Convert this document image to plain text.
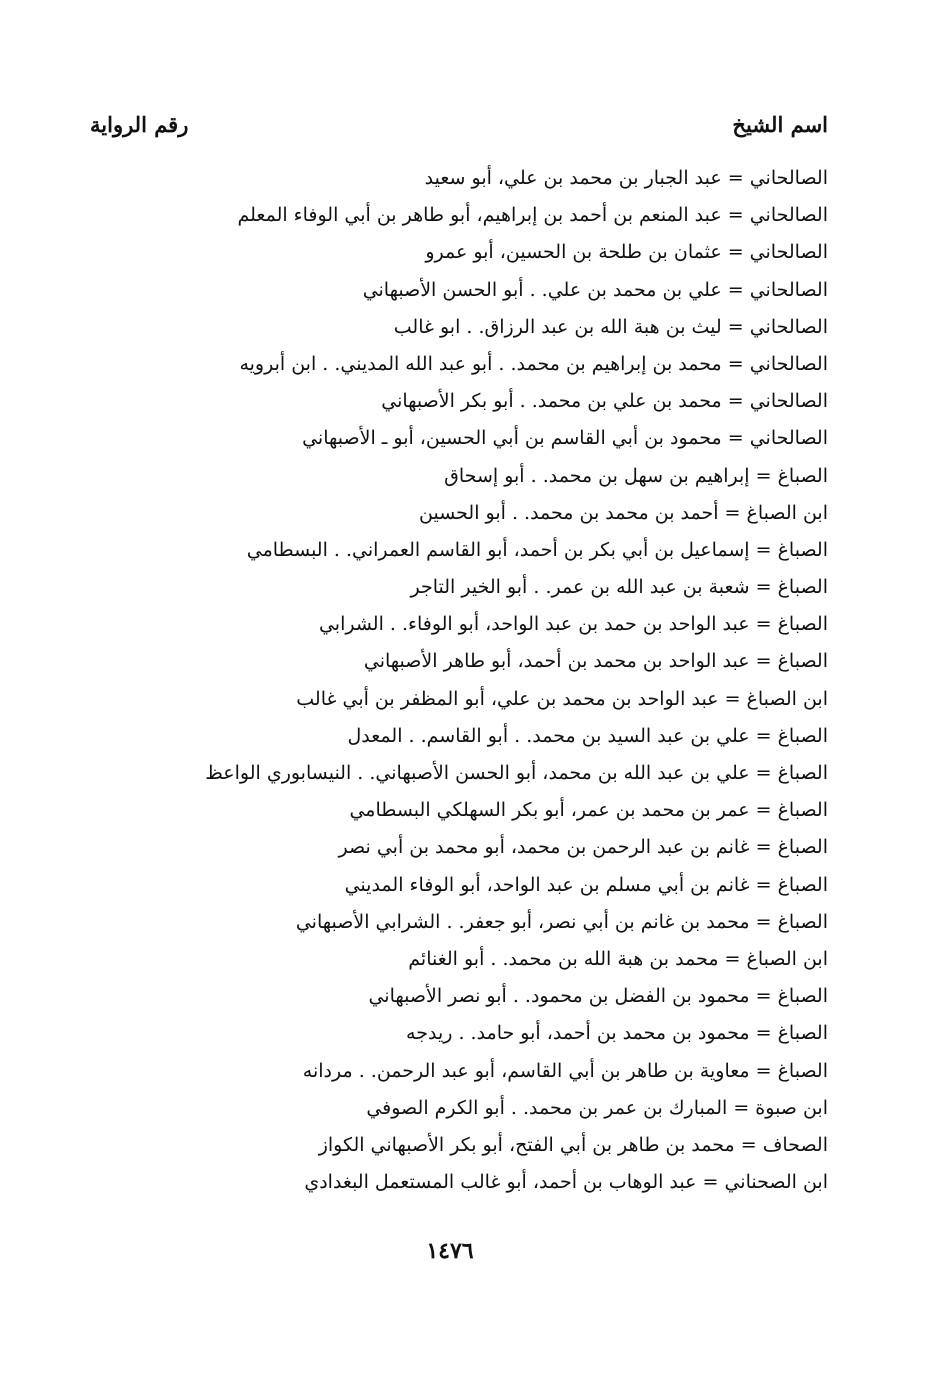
اسم الشيخ
رقم الرواية
الصالحاني = عبد الجبار بن محمد بن علي، أبو سعيد
الصالحاني = عبد المنعم بن أحمد بن إبراهيم، أبو طاهر بن أبي الوفاء المعلم
الصالحاني = عثمان بن طلحة بن الحسين، أبو عمرو
الصالحاني = علي بن محمد بن علي. . أبو الحسن الأصبهاني
الصالحاني = ليث بن هبة الله بن عبد الرزاق. . ابو غالب
الصالحاني = محمد بن إبراهيم بن محمد. . أبو عبد الله المديني. . ابن أبرويه
الصالحاني = محمد بن علي بن محمد. . أبو بكر الأصبهاني
الصالحاني = محمود بن أبي القاسم بن أبي الحسين، أبو ـ الأصبهاني
الصباغ = إبراهيم بن سهل بن محمد. . أبو إسحاق
ابن الصباغ = أحمد بن محمد بن محمد. . أبو الحسين
الصباغ = إسماعيل بن أبي بكر بن أحمد، أبو القاسم العمراني. . البسطامي
الصباغ = شعبة بن عبد الله بن عمر. . أبو الخير التاجر
الصباغ = عبد الواحد بن حمد بن عبد الواحد، أبو الوفاء. . الشرابي
الصباغ = عبد الواحد بن محمد بن أحمد، أبو طاهر الأصبهاني
ابن الصباغ = عبد الواحد بن محمد بن علي، أبو المظفر بن أبي غالب
الصباغ = علي بن عبد السيد بن محمد. . أبو القاسم. . المعدل
الصباغ = علي بن عبد الله بن محمد، أبو الحسن الأصبهاني. . النيسابوري الواعظ
الصباغ = عمر بن محمد بن عمر، أبو بكر السهلكي البسطامي
الصباغ = غانم بن عبد الرحمن بن محمد، أبو محمد بن أبي نصر
الصباغ = غانم بن أبي مسلم بن عبد الواحد، أبو الوفاء المديني
الصباغ = محمد بن غانم بن أبي نصر، أبو جعفر. . الشرابي الأصبهاني
ابن الصباغ = محمد بن هبة الله بن محمد. . أبو الغنائم
الصباغ = محمود بن الفضل بن محمود. . أبو نصر الأصبهاني
الصباغ = محمود بن محمد بن أحمد، أبو حامد. . ريدجه
الصباغ = معاوية بن طاهر بن أبي القاسم، أبو عبد الرحمن. . مردانه
ابن صبوة = المبارك بن عمر بن محمد. . أبو الكرم الصوفي
الصحاف = محمد بن طاهر بن أبي الفتح، أبو بكر الأصبهاني الكواز
ابن الصحناني = عبد الوهاب بن أحمد، أبو غالب المستعمل البغدادي
١٤٧٦
